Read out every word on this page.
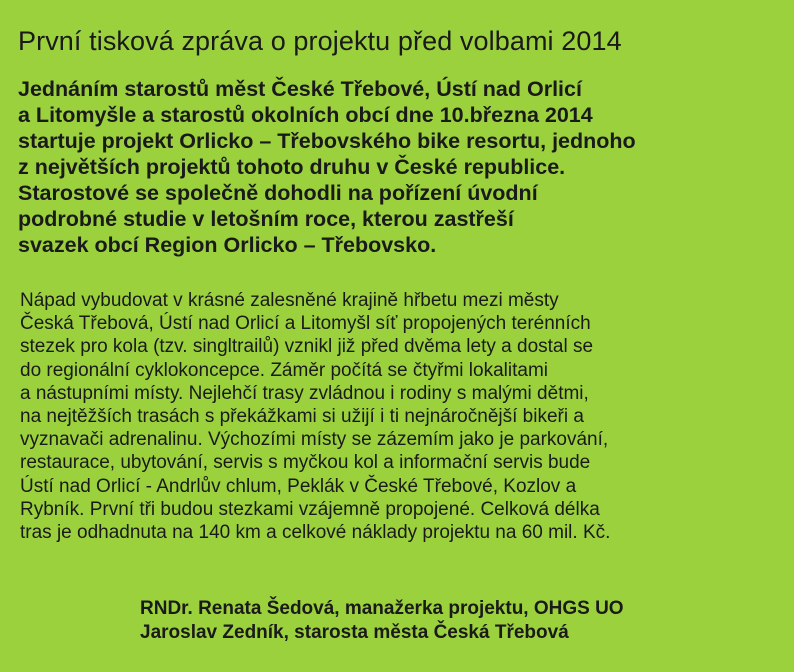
První tisková zpráva o projektu před volbami 2014
Jednáním starostů měst České Třebové, Ústí nad Orlicí
a Litomyšle a starostů okolních obcí dne 10.března 2014
startuje projekt Orlicko – Třebovského bike resortu, jednoho
z největších projektů tohoto druhu v České republice.
Starostové se společně dohodli na pořízení úvodní
podrobné studie v letošním roce, kterou zastřeší
svazek obcí Region Orlicko – Třebovsko.
Nápad vybudovat v krásné zalesněné krajině hřbetu mezi městy
Česká Třebová, Ústí nad Orlicí a Litomyšl síť propojených terénních
stezek pro kola (tzv. singltrailů) vznikl již před dvěma lety a dostal se
do regionální cyklokoncepce. Záměr počítá se čtyřmi lokalitami
a nástupními místy. Nejlehčí trasy zvládnou i rodiny s malými dětmi,
na nejtěžších trasách s překážkami si užijí i ti nejnáročnější bikeři a
vyznavači adrenalinu. Výchozími místy se zázemím jako je parkování,
restaurace, ubytování, servis s myčkou kol a informační servis bude
Ústí nad Orlicí - Andrlův chlum, Peklák v České Třebové, Kozlov a
Rybník. První tři budou stezkami vzájemně propojené. Celková délka
tras je odhadnuta na 140 km a celkové náklady projektu na 60 mil. Kč.
RNDr. Renata Šedová, manažerka projektu, OHGS UO
Jaroslav Zedník, starosta města Česká Třebová
